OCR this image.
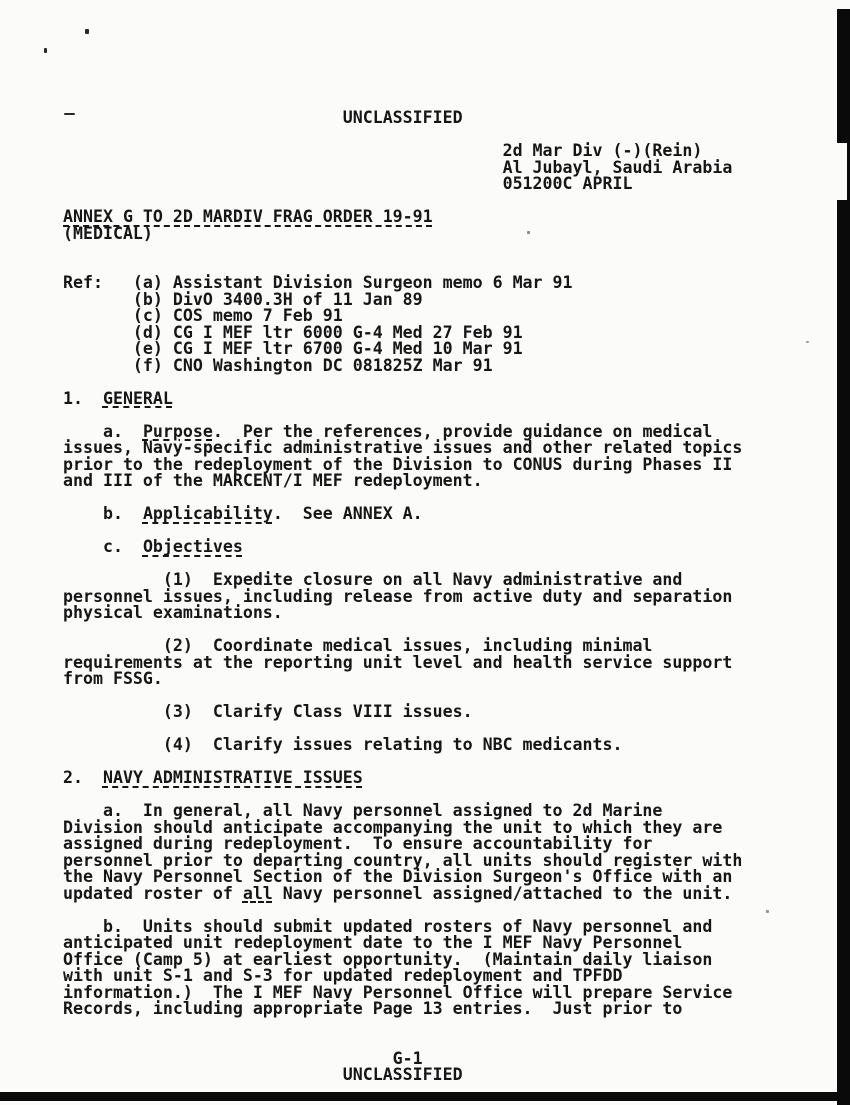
UNCLASSIFIED

2d Mar Div (-)(Rein)
Al Jubayl, Saudi Arabia
051200C APRIL

ANNEX G TO 2D MARDIV FRAG ORDER 19-91
(MEDICAL)

Ref:   (a) Assistant Division Surgeon memo 6 Mar 91
(b) DivO 3400.3H of 11 Jan 89
(c) COS memo 7 Feb 91
(d) CG I MEF ltr 6000 G-4 Med 27 Feb 91
(e) CG I MEF ltr 6700 G-4 Med 10 Mar 91
(f) CNO Washington DC 081825Z Mar 91

1.  GENERAL

a.  Purpose.  Per the references, provide guidance on medical
issues, Navy-specific administrative issues and other related topics
prior to the redeployment of the Division to CONUS during Phases II
and III of the MARCENT/I MEF redeployment.

b.  Applicability.  See ANNEX A.

c.  Objectives

(1)  Expedite closure on all Navy administrative and
personnel issues, including release from active duty and separation
physical examinations.

(2)  Coordinate medical issues, including minimal
requirements at the reporting unit level and health service support
from FSSG.

(3)  Clarify Class VIII issues.

(4)  Clarify issues relating to NBC medicants.

2.  NAVY ADMINISTRATIVE ISSUES

a.  In general, all Navy personnel assigned to 2d Marine
Division should anticipate accompanying the unit to which they are
assigned during redeployment.  To ensure accountability for
personnel prior to departing country, all units should register with
the Navy Personnel Section of the Division Surgeon's Office with an
updated roster of all Navy personnel assigned/attached to the unit.

b.  Units should submit updated rosters of Navy personnel and
anticipated unit redeployment date to the I MEF Navy Personnel
Office (Camp 5) at earliest opportunity.  (Maintain daily liaison
with unit S-1 and S-3 for updated redeployment and TPFDD
information.)  The I MEF Navy Personnel Office will prepare Service
Records, including appropriate Page 13 entries.  Just prior to

G-1
UNCLASSIFIED
